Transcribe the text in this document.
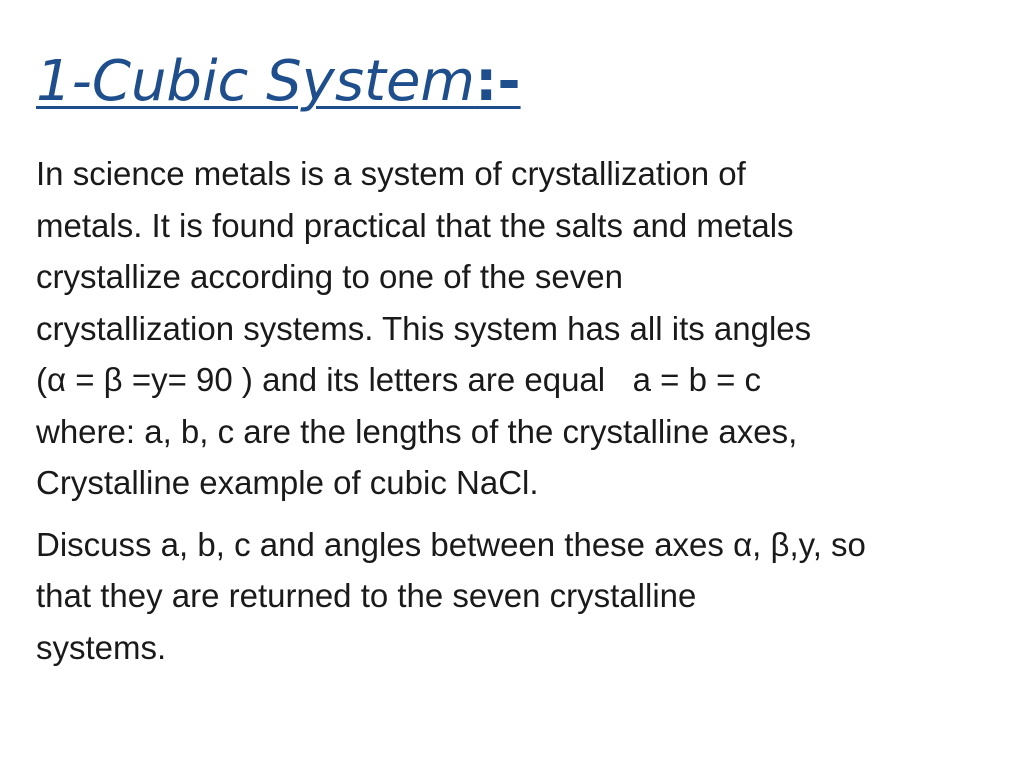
1-Cubic System:-

In science metals is a system of crystallization of
metals. It is found practical that the salts and metals
crystallize according to one of the seven
crystallization systems. This system has all its angles
(α = β =y= 90 ) and its letters are equal   a = b = c
where: a, b, c are the lengths of the crystalline axes,
Crystalline example of cubic NaCl.

Discuss a, b, c and angles between these axes α, β,y, so
that they are returned to the seven crystalline
systems.
